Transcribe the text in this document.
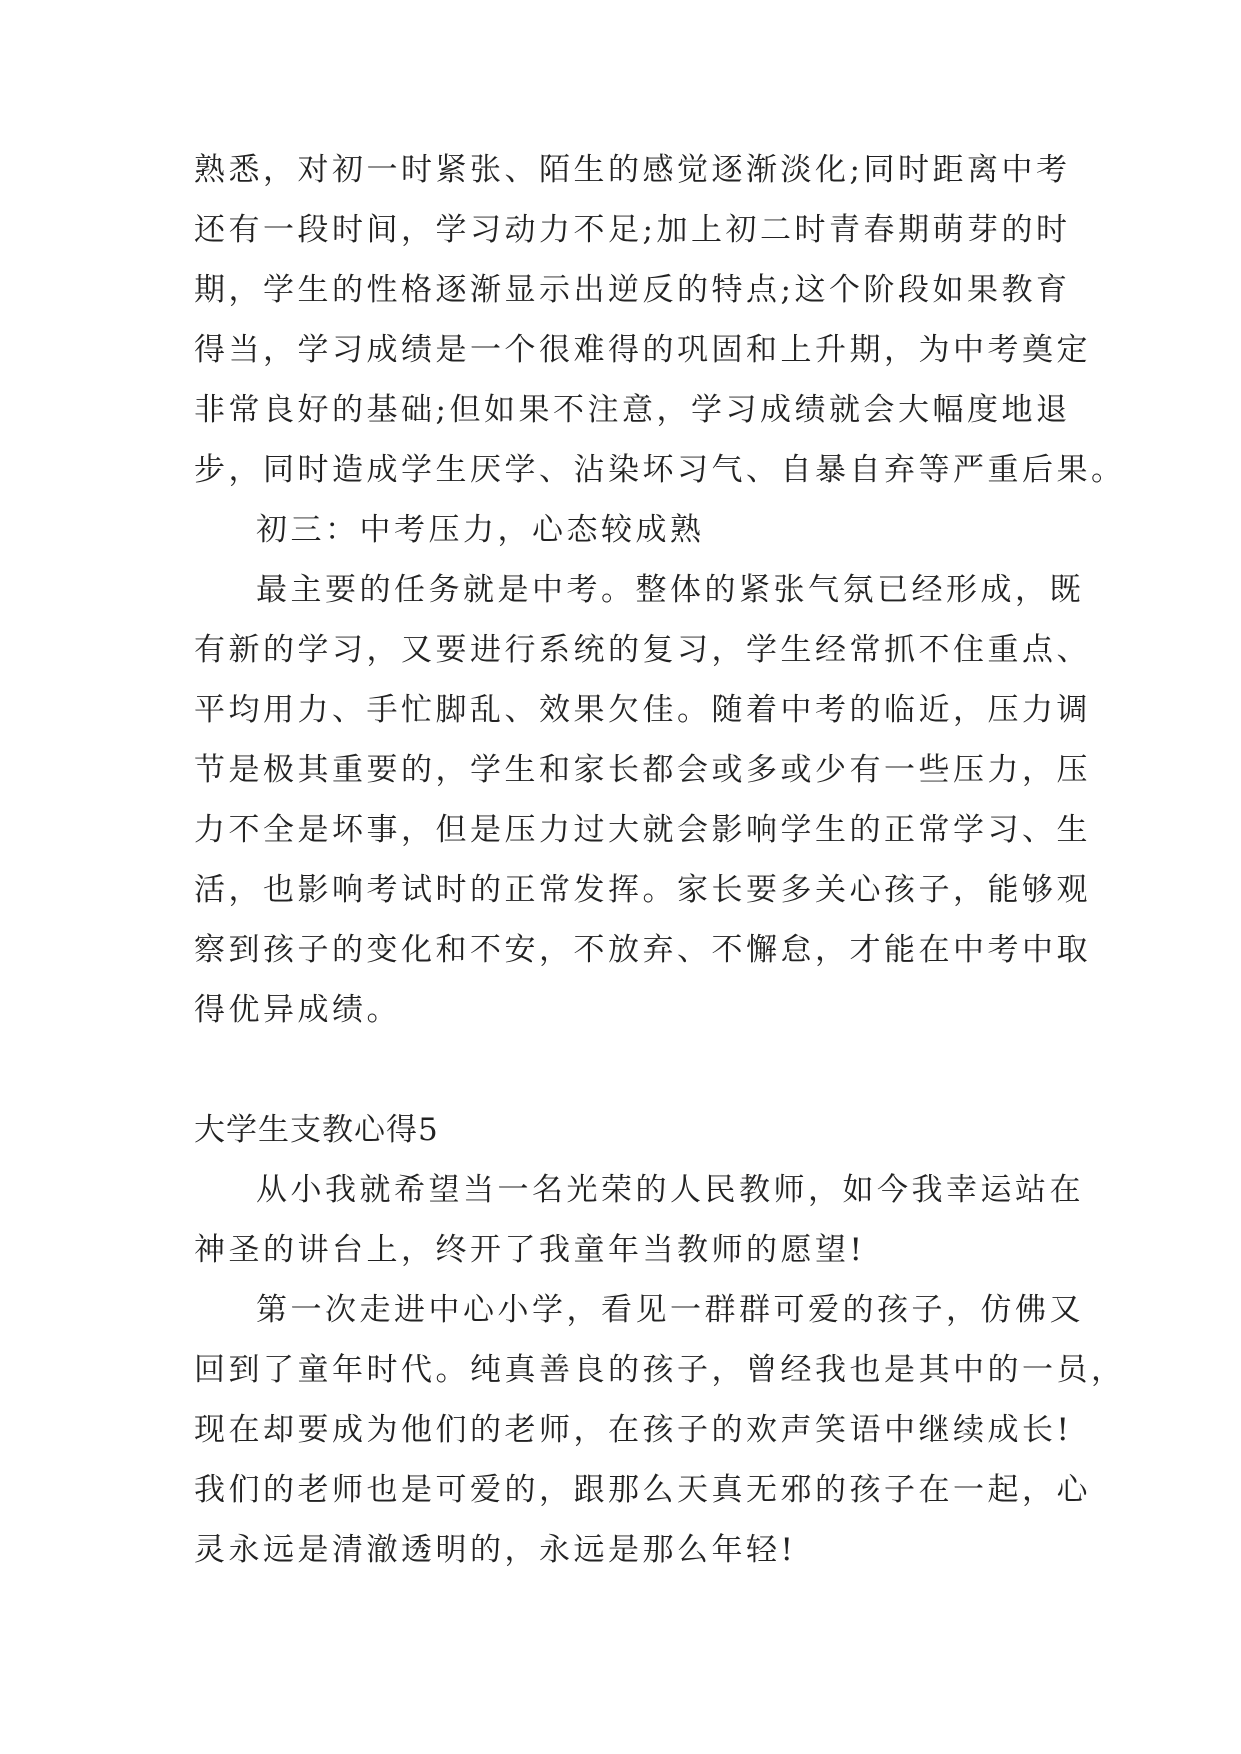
熟悉，对初一时紧张、陌生的感觉逐渐淡化;同时距离中考
还有一段时间，学习动力不足;加上初二时青春期萌芽的时
期，学生的性格逐渐显示出逆反的特点;这个阶段如果教育
得当，学习成绩是一个很难得的巩固和上升期，为中考奠定
非常良好的基础;但如果不注意，学习成绩就会大幅度地退
步，同时造成学生厌学、沾染坏习气、自暴自弃等严重后果。
初三：中考压力，心态较成熟
最主要的任务就是中考。整体的紧张气氛已经形成，既
有新的学习，又要进行系统的复习，学生经常抓不住重点、
平均用力、手忙脚乱、效果欠佳。随着中考的临近，压力调
节是极其重要的，学生和家长都会或多或少有一些压力，压
力不全是坏事，但是压力过大就会影响学生的正常学习、生
活，也影响考试时的正常发挥。家长要多关心孩子，能够观
察到孩子的变化和不安，不放弃、不懈怠，才能在中考中取
得优异成绩。
大学生支教心得5
从小我就希望当一名光荣的人民教师，如今我幸运站在
神圣的讲台上，终开了我童年当教师的愿望!
第一次走进中心小学，看见一群群可爱的孩子，仿佛又
回到了童年时代。纯真善良的孩子，曾经我也是其中的一员，
现在却要成为他们的老师，在孩子的欢声笑语中继续成长!
我们的老师也是可爱的，跟那么天真无邪的孩子在一起，心
灵永远是清澈透明的，永远是那么年轻!
